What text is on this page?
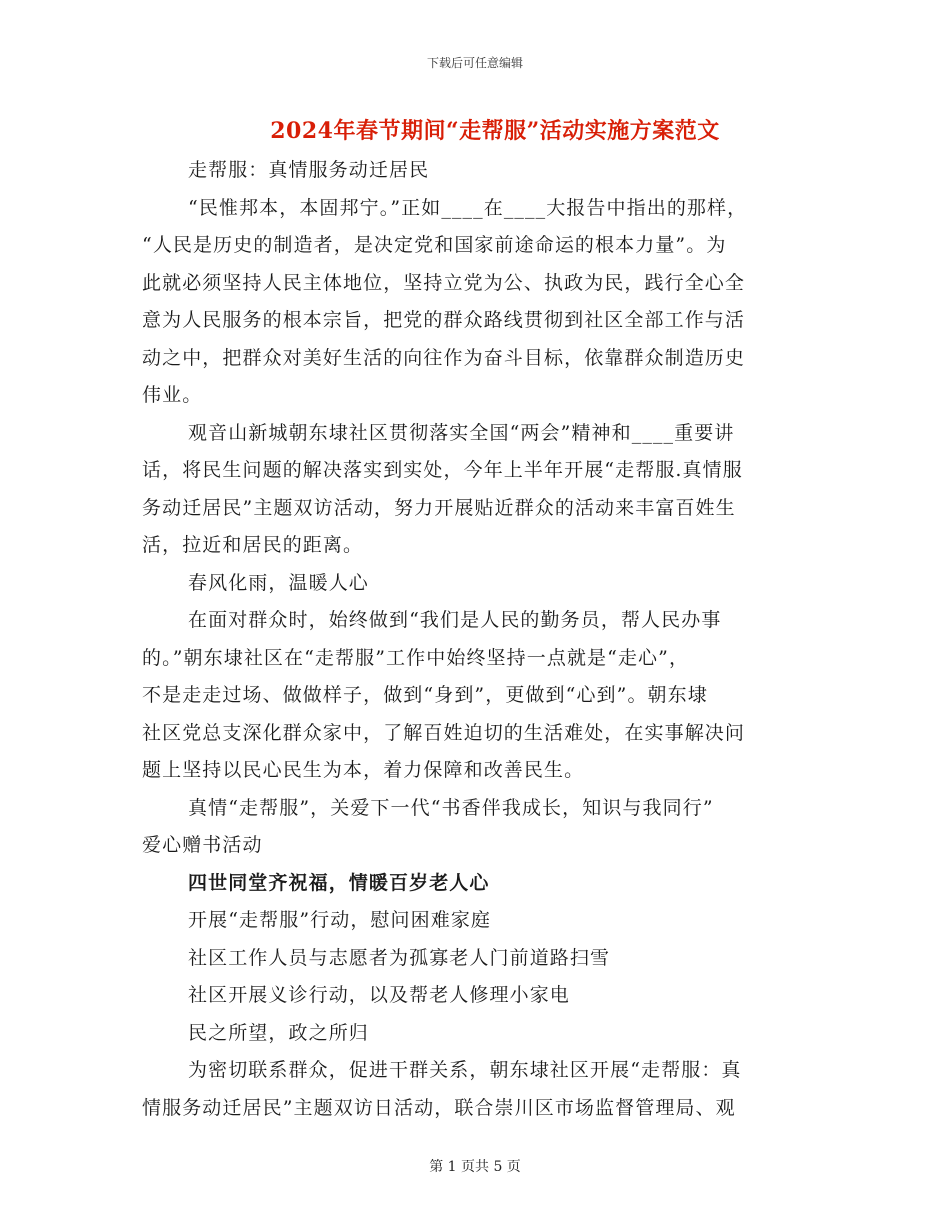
下载后可任意编辑
2024年春节期间“走帮服”活动实施方案范文
走帮服：真情服务动迁居民
“民惟邦本，本固邦宁。”正如____在____大报告中指出的那样，
“人民是历史的制造者，是决定党和国家前途命运的根本力量”。为
此就必须坚持人民主体地位，坚持立党为公、执政为民，践行全心全
意为人民服务的根本宗旨，把党的群众路线贯彻到社区全部工作与活
动之中，把群众对美好生活的向往作为奋斗目标，依靠群众制造历史
伟业。
观音山新城朝东埭社区贯彻落实全国“两会”精神和____重要讲
话，将民生问题的解决落实到实处，今年上半年开展“走帮服.真情服
务动迁居民”主题双访活动，努力开展贴近群众的活动来丰富百姓生
活，拉近和居民的距离。
春风化雨，温暖人心
在面对群众时，始终做到“我们是人民的勤务员，帮人民办事
的。”朝东埭社区在“走帮服”工作中始终坚持一点就是“走心”，
不是走走过场、做做样子，做到“身到”，更做到“心到”。朝东埭
社区党总支深化群众家中，了解百姓迫切的生活难处，在实事解决问
题上坚持以民心民生为本，着力保障和改善民生。
真情“走帮服”，关爱下一代“书香伴我成长，知识与我同行”
爱心赠书活动
四世同堂齐祝福，情暖百岁老人心
开展“走帮服”行动，慰问困难家庭
社区工作人员与志愿者为孤寡老人门前道路扫雪
社区开展义诊行动，以及帮老人修理小家电
民之所望，政之所归
为密切联系群众，促进干群关系，朝东埭社区开展“走帮服：真
情服务动迁居民”主题双访日活动，联合崇川区市场监督管理局、观
第 1 页共 5 页
